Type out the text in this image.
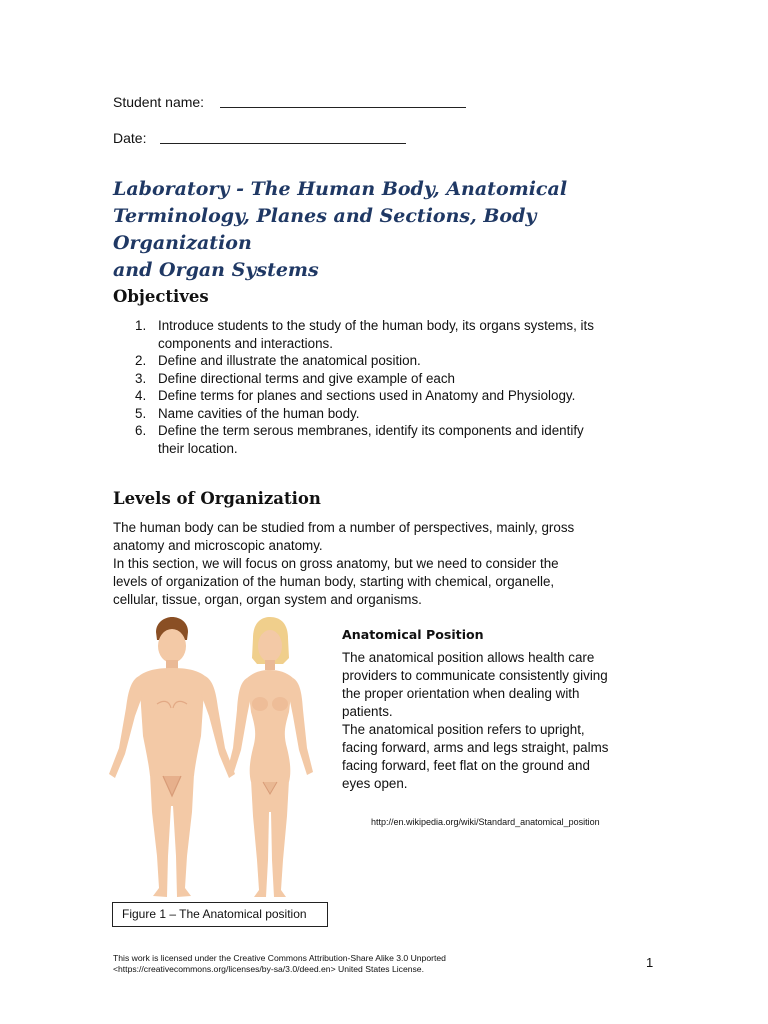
Student name:
Date:
Laboratory - The Human Body, Anatomical
Terminology, Planes and Sections, Body Organization
and Organ Systems
Objectives
1. Introduce students to the study of the human body, its organs systems, its
components and interactions.
2. Define and illustrate the anatomical position.
3. Define directional terms and give example of each
4. Define terms for planes and sections used in Anatomy and Physiology.
5. Name cavities of the human body.
6. Define the term serous membranes, identify its components and identify
their location.
Levels of Organization

The human body can be studied from a number of perspectives, mainly, gross
anatomy and microscopic anatomy.
In this section, we will focus on gross anatomy, but we need to consider the
levels of organization of the human body, starting with chemical, organelle,
cellular, tissue, organ, organ system and organisms.

Figure 1 – The Anatomical position
Anatomical Position
The anatomical position allows health care
providers to communicate consistently giving
the proper orientation when dealing with
patients.
The anatomical position refers to upright,
facing forward, arms and legs straight, palms
facing forward, feet flat on the ground and
eyes open.
http://en.wikipedia.org/wiki/Standard_anatomical_position
This work is licensed under the Creative Commons Attribution-Share Alike 3.0 Unported
<https://creativecommons.org/licenses/by-sa/3.0/deed.en> United States License.	1
